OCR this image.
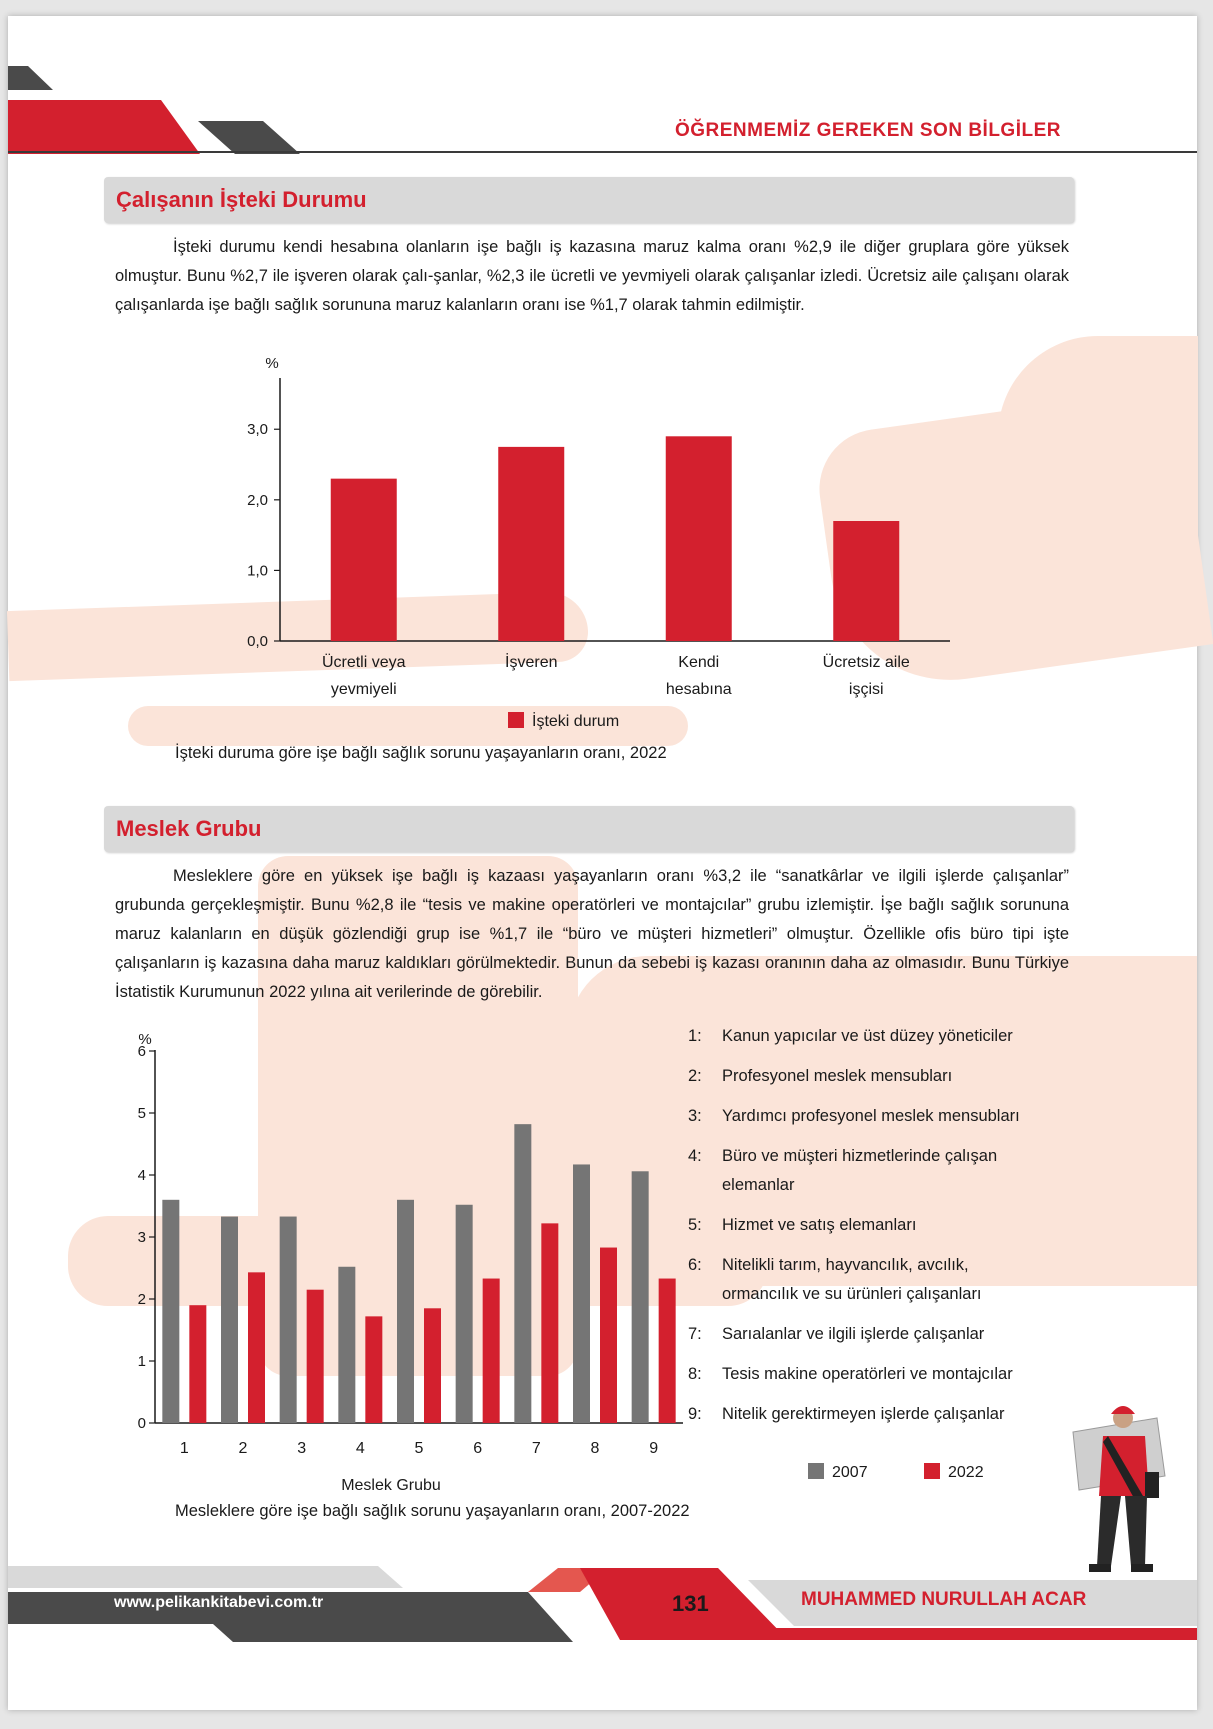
ÖĞRENMEMİZ GEREKEN SON BİLGİLER
Çalışanın İşteki Durumu

İşteki durumu kendi hesabına olanların işe bağlı iş kazasına maruz kalma oranı %2,9 ile diğer gruplara göre yüksek olmuştur. Bunu %2,7 ile işveren olarak çalı-şanlar, %2,3 ile ücretli ve yevmiyeli olarak çalışanlar izledi. Ücretsiz aile çalışanı olarak çalışanlarda işe bağlı sağlık sorununa maruz kalanların oranı ise %1,7 olarak tahmin edilmiştir.

%
0,0
1,0
2,0
3,0
Ücretli veya
yevmiyeli
İşveren	Kendi
hesabına
Ücretsiz aile
işçisi
İşteki durum
İşteki duruma göre işe bağlı sağlık sorunu yaşayanların oranı, 2022
Meslek Grubu

Mesleklere göre en yüksek işe bağlı iş kazaası yaşayanların oranı %3,2 ile “sanatkârlar ve ilgili işlerde çalışanlar” grubunda gerçekleşmiştir. Bunu %2,8 ile “tesis ve makine operatörleri ve montajcılar” grubu izlemiştir. İşe bağlı sağlık sorununa maruz kalanların en düşük gözlendiği grup ise %1,7 ile “büro ve müşteri hizmetleri” olmuştur. Özellikle ofis büro tipi işte çalışanların iş kazasına daha maruz kaldıkları görülmektedir. Bunun da sebebi iş kazası oranının daha az olmasıdır. Bunu Türkiye İstatistik Kurumunun 2022 yılına ait verilerinde de görebilir.

%
0
1
2
3
4
5
6
1	2	3	4	5	6	7	8	9
Meslek Grubu
1: Kanun yapıcılar ve üst düzey yöneticiler
2: Profesyonel meslek mensubları
3: Yardımcı profesyonel meslek mensubları
4: Büro ve müşteri hizmetlerinde çalışan elemanlar
5: Hizmet ve satış elemanları
6: Nitelikli tarım, hayvancılık, avcılık, ormancılık ve su ürünleri çalışanları
7: Sarıalanlar ve ilgili işlerde çalışanlar
8: Tesis makine operatörleri ve montajcılar
9: Nitelik gerektirmeyen işlerde çalışanlar
2007	2022
Mesleklere göre işe bağlı sağlık sorunu yaşayanların oranı, 2007-2022
www.pelikankitabevi.com.tr	131	MUHAMMED NURULLAH ACAR
